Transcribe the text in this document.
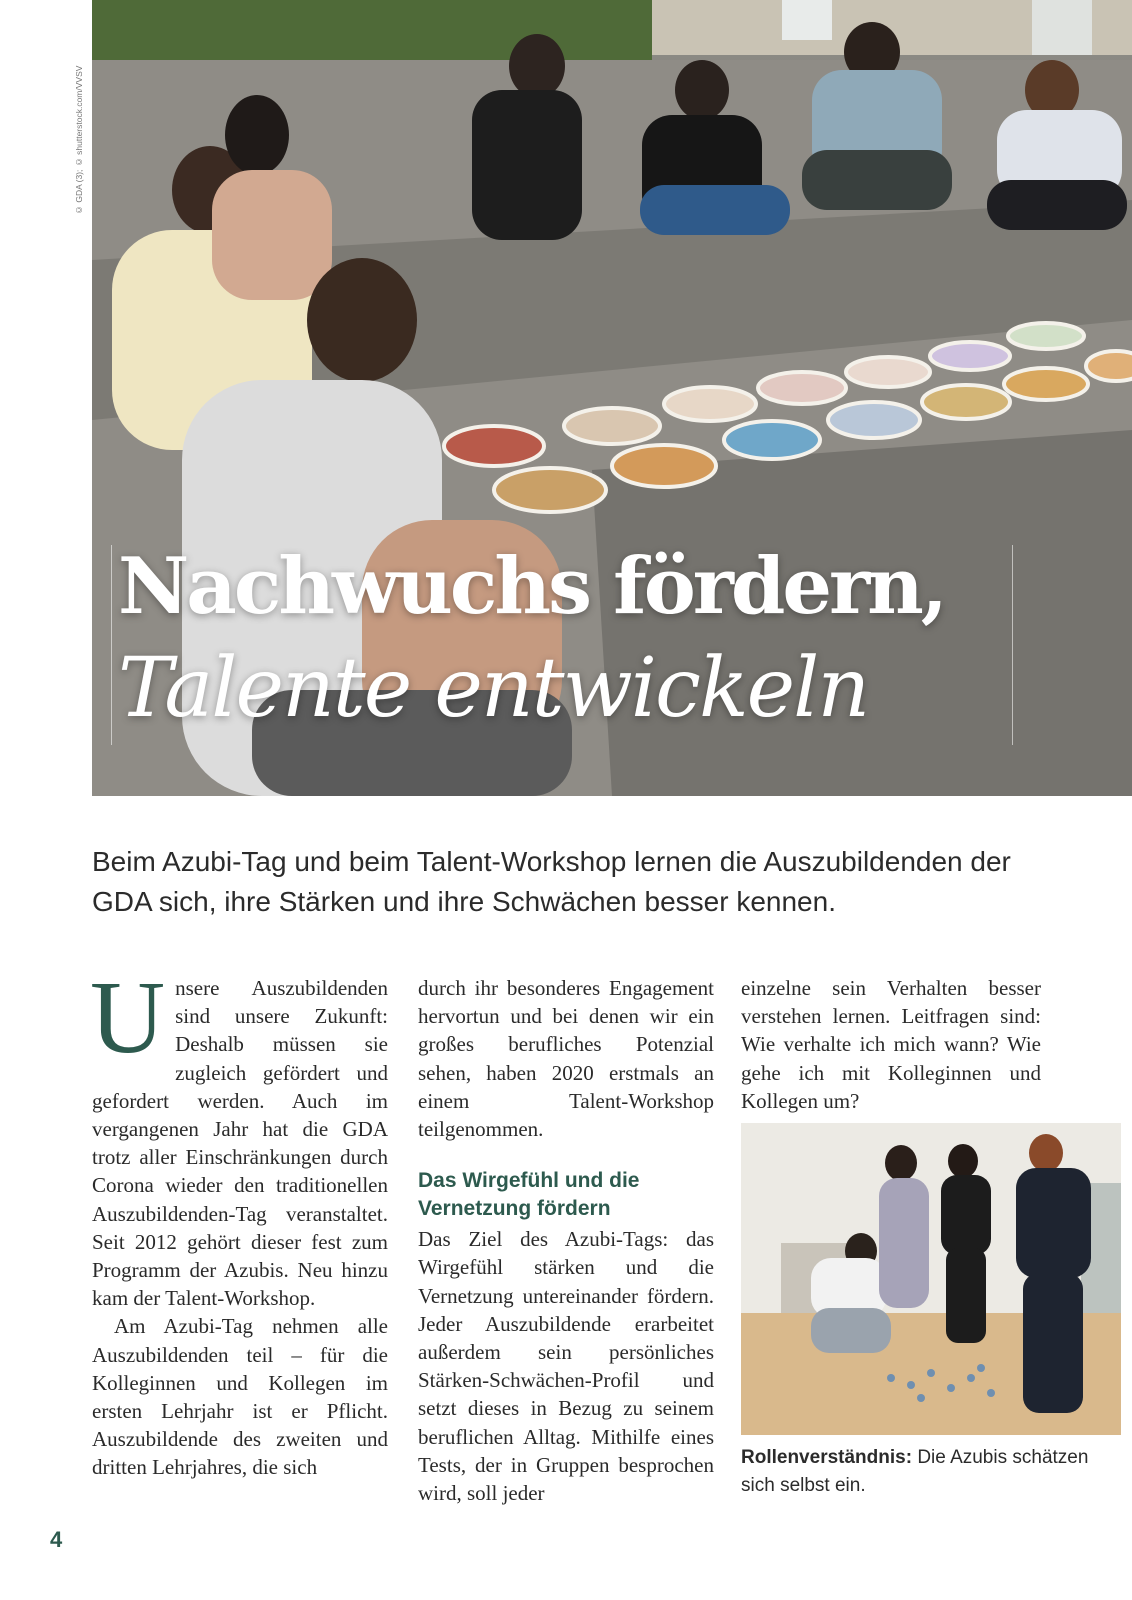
© GDA (3); © shutterstock.com/VVSV
Nachwuchs fördern,
Talente entwickeln
Beim Azubi-Tag und beim Talent-Workshop lernen die Auszubildenden der GDA sich, ihre Stärken und ihre Schwächen besser kennen.

Unsere Auszubildenden sind unsere Zukunft: Deshalb müssen sie zugleich gefördert und gefordert werden. Auch im vergangenen Jahr hat die GDA trotz aller Einschränkungen durch Corona wieder den traditionellen Auszubildenden-Tag veranstaltet. Seit 2012 gehört dieser fest zum Programm der Azubis. Neu hinzu kam der Talent-Workshop.

Am Azubi-Tag nehmen alle Auszubildenden teil – für die Kolleginnen und Kollegen im ersten Lehrjahr ist er Pflicht. Auszubildende des zweiten und dritten Lehrjahres, die sich

durch ihr besonderes Engagement hervortun und bei denen wir ein großes berufliches Potenzial sehen, haben 2020 erstmals an einem Talent-Workshop teilgenommen.

Das Wirgefühl und die Vernetzung fördern

Das Ziel des Azubi-Tags: das Wirgefühl stärken und die Vernetzung untereinander fördern. Jeder Auszubildende erarbeitet außerdem sein persönliches Stärken-Schwächen-Profil und setzt dieses in Bezug zu seinem beruflichen Alltag. Mithilfe eines Tests, der in Gruppen besprochen wird, soll jeder

einzelne sein Verhalten besser verstehen lernen. Leitfragen sind: Wie verhalte ich mich wann? Wie gehe ich mit Kolleginnen und Kollegen um?

Rollenverständnis: Die Azubis schätzen sich selbst ein.
4
